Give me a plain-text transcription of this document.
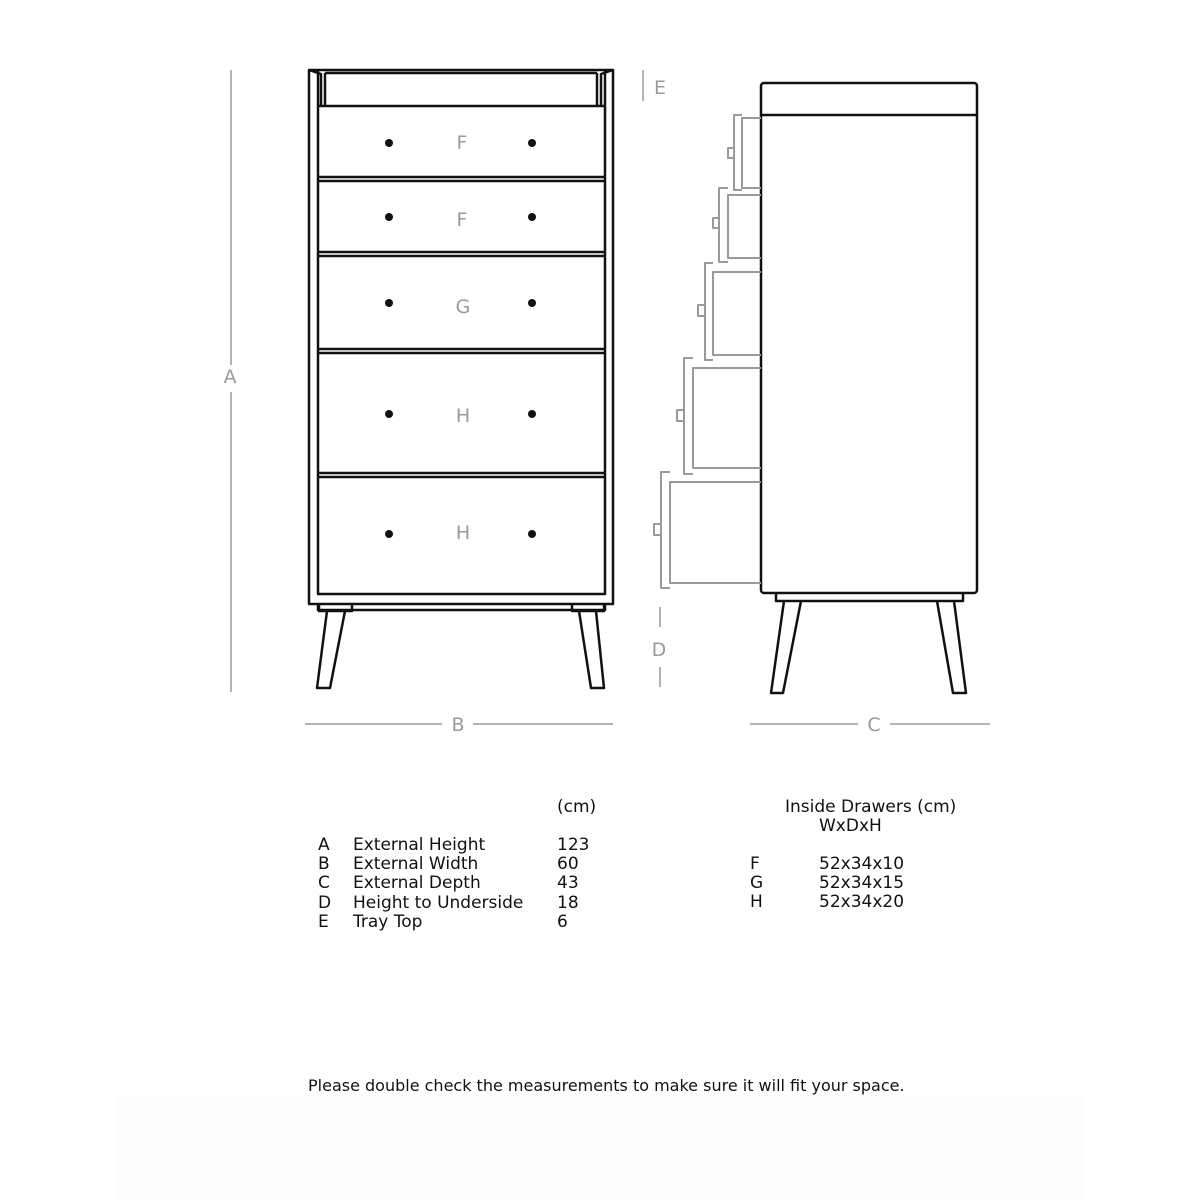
A
B	C
D
E
F
F
G
H
H
(cm)
A
B
C
D
E
External Height
External Width
External Depth
Height to Underside
Tray Top
123
60
43
18
6
Inside Drawers (cm)
WxDxH
F
G
H
52x34x10
52x34x15
52x34x20
Please double check the measurements to make sure it will fit your space.
